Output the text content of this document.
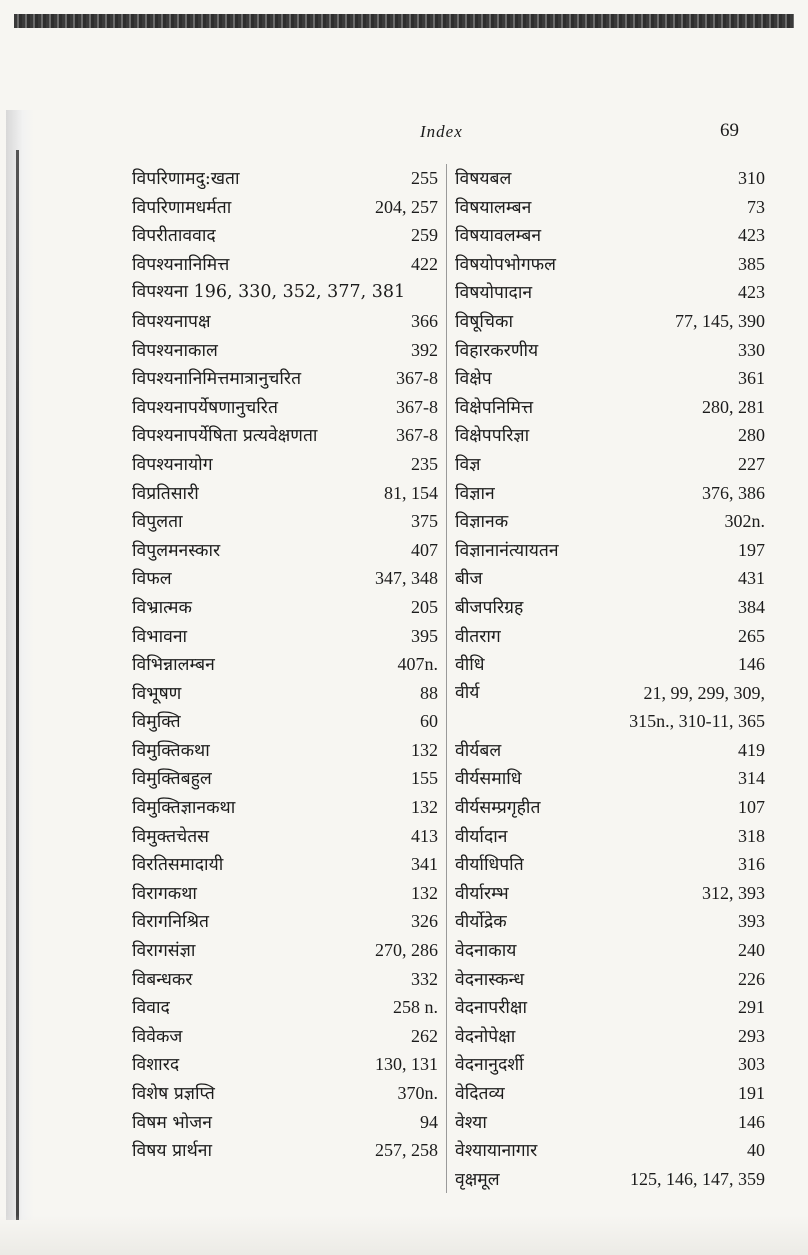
Index	69
विपरिणामदु:खता	255
विपरिणामधर्मता	204, 257
विपरीताववाद	259
विपश्यनानिमित्त	422
विपश्यना 196, 330, 352, 377, 381
विपश्यनापक्ष	366
विपश्यनाकाल	392
विपश्यनानिमित्तमात्रानुचरित	367-8
विपश्यनापर्येषणानुचरित	367-8
विपश्यनापर्येषिता प्रत्यवेक्षणता	367-8
विपश्यनायोग	235
विप्रतिसारी	81, 154
विपुलता	375
विपुलमनस्कार	407
विफल	347, 348
विभ्रात्मक	205
विभावना	395
विभिन्नालम्बन	407n.
विभूषण	88
विमुक्ति	60
विमुक्तिकथा	132
विमुक्तिबहुल	155
विमुक्तिज्ञानकथा	132
विमुक्तचेतस	413
विरतिसमादायी	341
विरागकथा	132
विरागनिश्रित	326
विरागसंज्ञा	270, 286
विबन्धकर	332
विवाद	258 n.
विवेकज	262
विशारद	130, 131
विशेष प्रज्ञप्ति	370n.
विषम भोजन	94
विषय प्रार्थना	257, 258
विषयबल	310
विषयालम्बन	73
विषयावलम्बन	423
विषयोपभोगफल	385
विषयोपादान	423
विषूचिका	77, 145, 390
विहारकरणीय	330
विक्षेप	361
विक्षेपनिमित्त	280, 281
विक्षेपपरिज्ञा	280
विज्ञ	227
विज्ञान	376, 386
विज्ञानक	302n.
विज्ञानानंत्यायतन	197
बीज	431
बीजपरिग्रह	384
वीतराग	265
वीधि	146
वीर्य	21, 99, 299, 309,
315n., 310-11, 365
वीर्यबल	419
वीर्यसमाधि	314
वीर्यसम्प्रगृहीत	107
वीर्यादान	318
वीर्याधिपति	316
वीर्यारम्भ	312, 393
वीर्योद्रेक	393
वेदनाकाय	240
वेदनास्कन्ध	226
वेदनापरीक्षा	291
वेदनोपेक्षा	293
वेदनानुदर्शी	303
वेदितव्य	191
वेश्या	146
वेश्यायानागार	40
वृक्षमूल	125, 146, 147, 359
